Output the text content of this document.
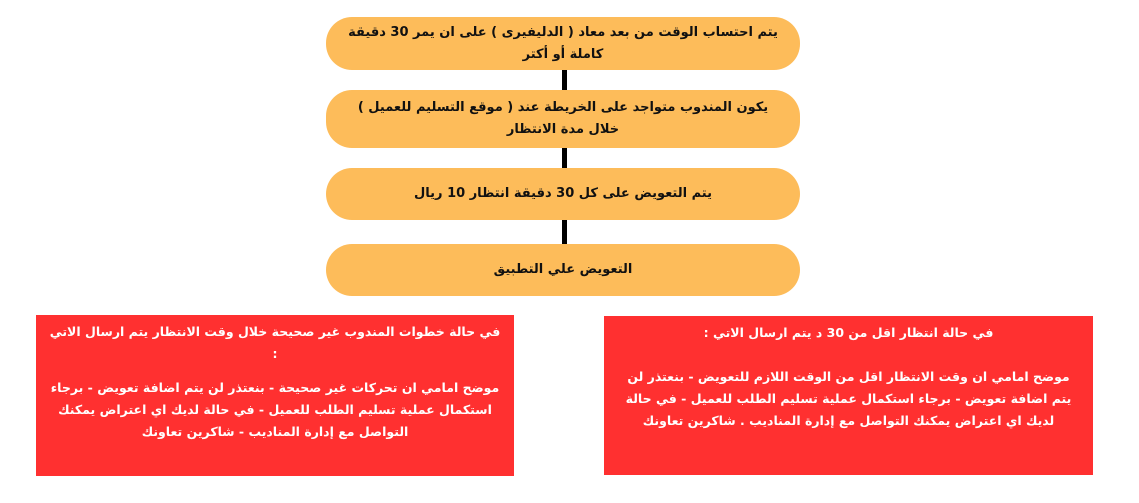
يتم احتساب الوقت من بعد معاد ( الدليفيرى ) على ان يمر 30 دقيقة كاملة أو أكتر
يكون المندوب متواجد على الخريطة عند ( موقع التسليم للعميل ) خلال مدة الانتظار
يتم التعويض على كل 30 دقيقة انتظار 10 ريال
التعويض علي التطبيق
في حالة خطوات المندوب غير صحيحة خلال وقت الانتظار يتم ارسال الاتي :
موضح امامي ان تحركات غير صحيحة - بنعتذر لن يتم اضافة تعويض - برجاء استكمال عملية تسليم الطلب للعميل - في حالة لديك اي اعتراض يمكنك التواصل مع إدارة المناديب - شاكرين تعاونك
في حالة انتظار اقل من 30 د يتم ارسال الاتي :
موضح امامي ان وقت الانتظار اقل من الوقت اللازم للتعويض - بنعتذر لن يتم اضافة تعويض - برجاء استكمال عملية تسليم الطلب للعميل - في حالة لديك اي اعتراض يمكنك التواصل مع إدارة المناديب . شاكرين تعاونك
